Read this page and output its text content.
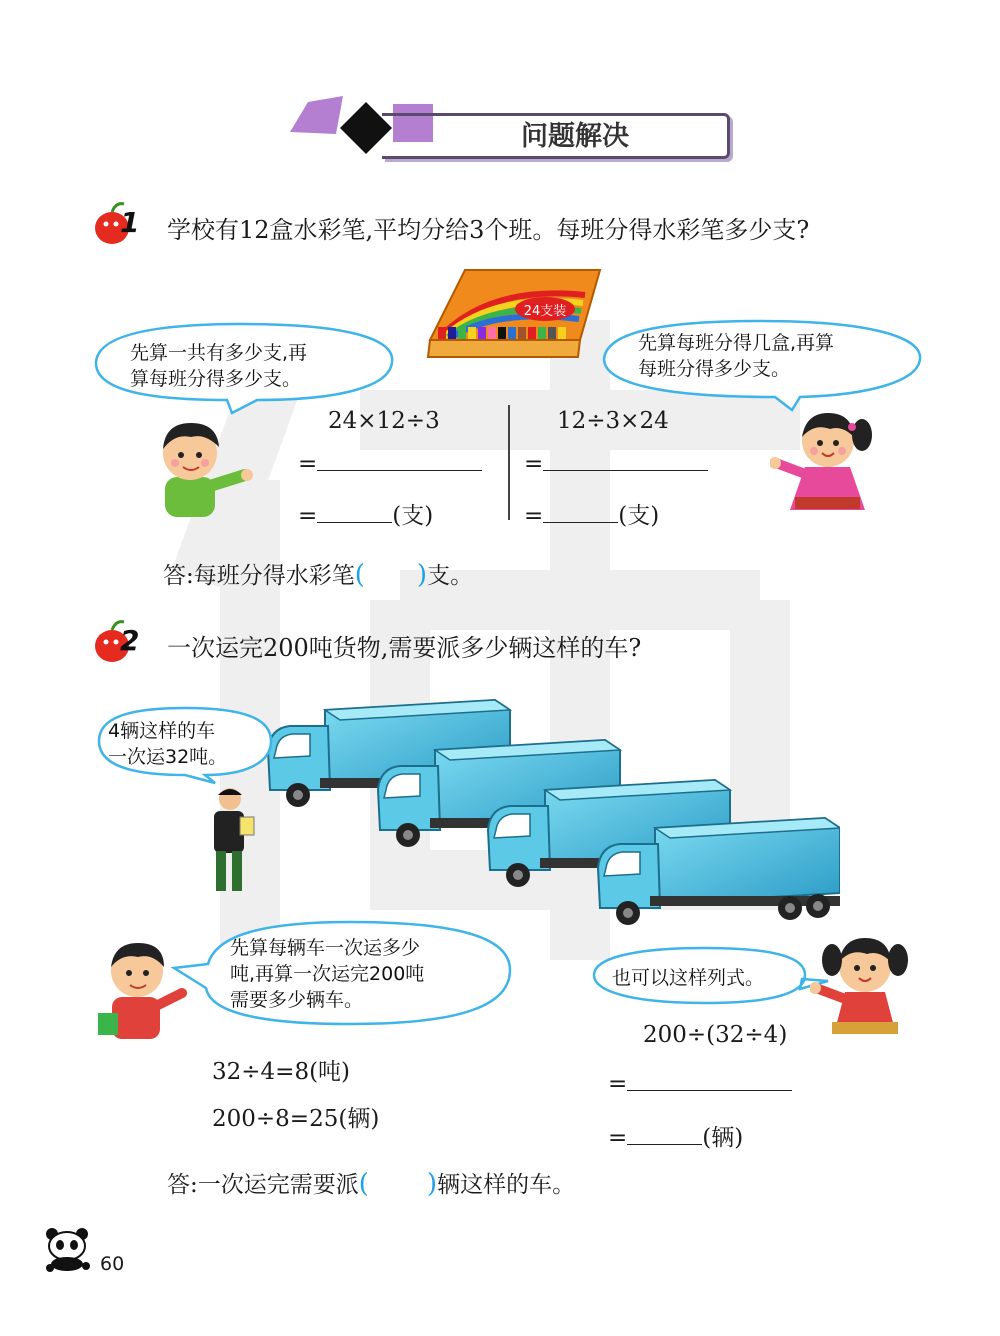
问题解决
1 学校有12盒水彩笔,平均分给3个班。每班分得水彩笔多少支?
24支装
先算一共有多少支,再
算每班分得多少支。
先算每班分得几盒,再算
每班分得多少支。
24×12÷3
=
=	(支)
12÷3×24
=
=	(支)
答:每班分得水彩笔( )支。
2 一次运完200吨货物,需要派多少辆这样的车?
4辆这样的车
一次运32吨。
先算每辆车一次运多少
吨,再算一次运完200吨
需要多少辆车。
也可以这样列式。
32÷4=8(吨)
200÷8=25(辆)
200÷(32÷4)
=
=	(辆)
答:一次运完需要派( )辆这样的车。
60
